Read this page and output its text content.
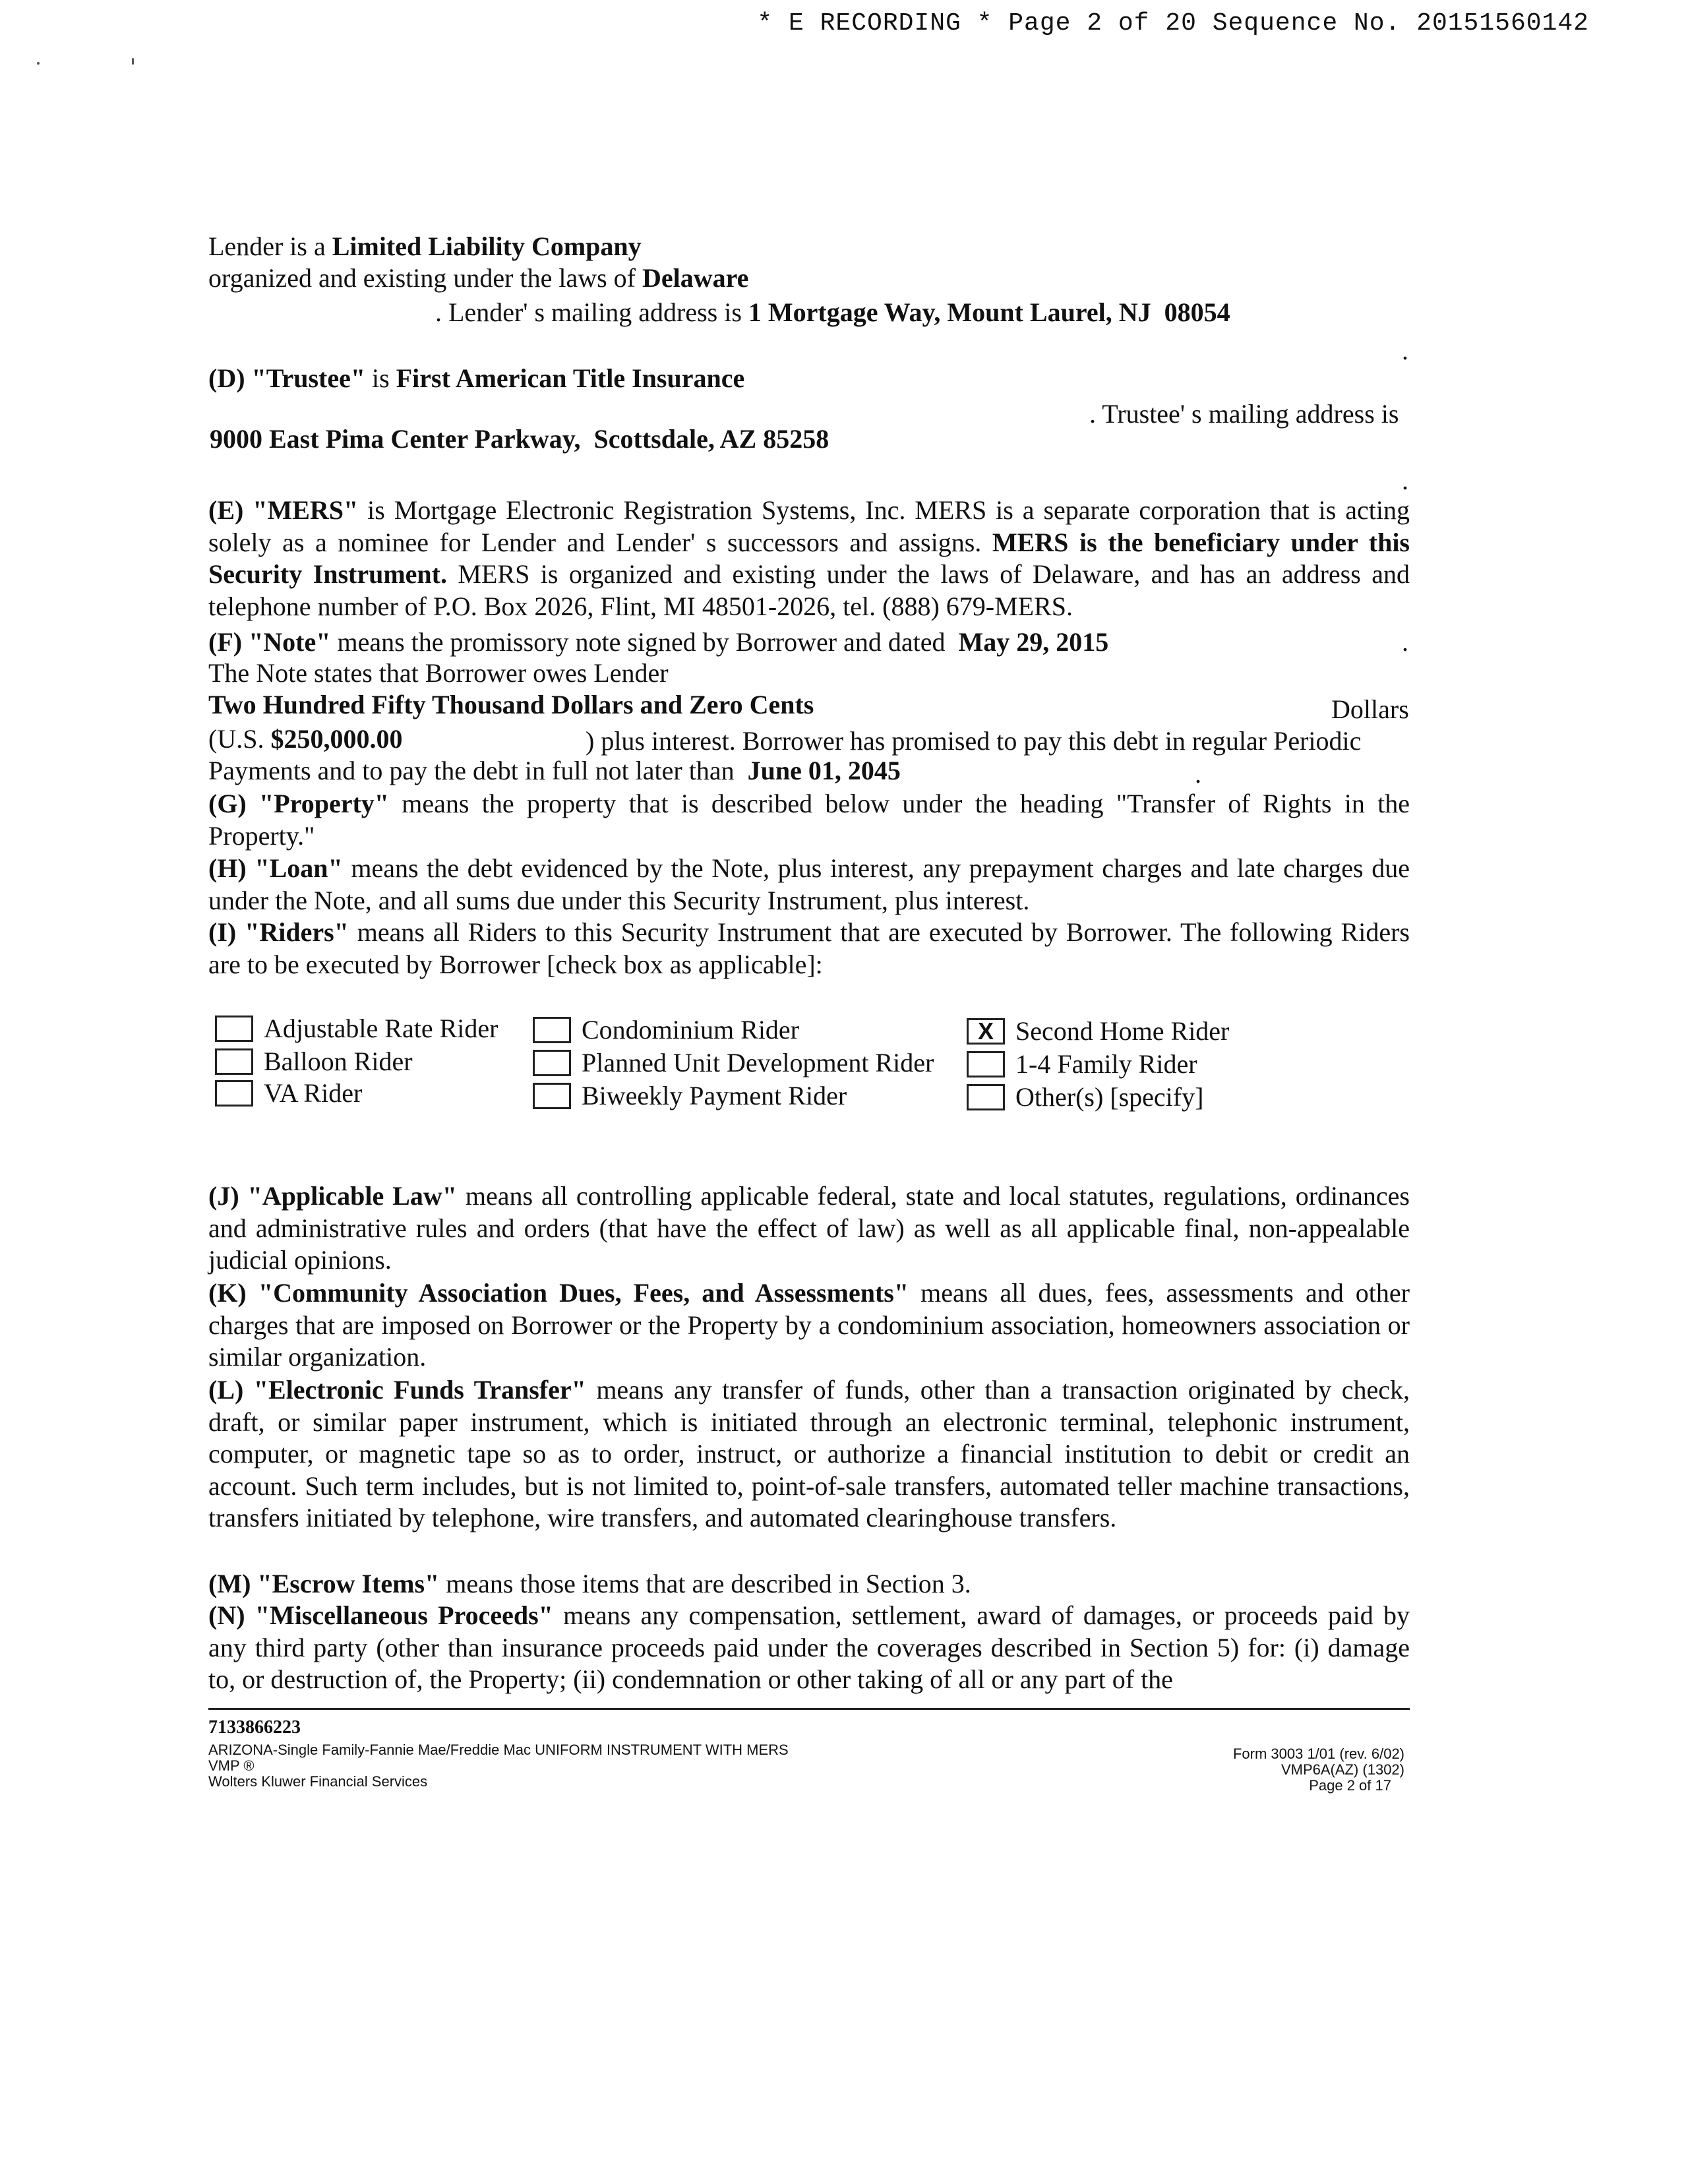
* E RECORDING * Page 2 of 20 Sequence No. 20151560142
Lender is a Limited Liability Company
organized and existing under the laws of Delaware
. Lender' s mailing address is 1 Mortgage Way, Mount Laurel, NJ  08054
.
(D) "Trustee" is First American Title Insurance
. Trustee' s mailing address is
9000 East Pima Center Parkway,  Scottsdale, AZ 85258
.
(E) "MERS" is Mortgage Electronic Registration Systems, Inc. MERS is a separate corporation that is acting solely as a nominee for Lender and Lender' s successors and assigns. MERS is the beneficiary under this Security Instrument. MERS is organized and existing under the laws of Delaware, and has an address and telephone number of P.O. Box 2026, Flint, MI 48501-2026, tel. (888) 679-MERS.
(F) "Note" means the promissory note signed by Borrower and dated  May 29, 2015	.
The Note states that Borrower owes Lender
Two Hundred Fifty Thousand Dollars and Zero Cents	Dollars
(U.S. $250,000.00	) plus interest. Borrower has promised to pay this debt in regular Periodic
Payments and to pay the debt in full not later than  June 01, 2045	.
(G) "Property" means the property that is described below under the heading "Transfer of Rights in the Property."
(H) "Loan" means the debt evidenced by the Note, plus interest, any prepayment charges and late charges due under the Note, and all sums due under this Security Instrument, plus interest.
(I) "Riders" means all Riders to this Security Instrument that are executed by Borrower. The following Riders are to be executed by Borrower [check box as applicable]:
Adjustable Rate Rider
Balloon Rider
VA Rider
Condominium Rider
Planned Unit Development Rider
Biweekly Payment Rider
X Second Home Rider
1-4 Family Rider
Other(s) [specify]
(J) "Applicable Law" means all controlling applicable federal, state and local statutes, regulations, ordinances and administrative rules and orders (that have the effect of law) as well as all applicable final, non-appealable judicial opinions.
(K) "Community Association Dues, Fees, and Assessments" means all dues, fees, assessments and other charges that are imposed on Borrower or the Property by a condominium association, homeowners association or similar organization.
(L) "Electronic Funds Transfer" means any transfer of funds, other than a transaction originated by check, draft, or similar paper instrument, which is initiated through an electronic terminal, telephonic instrument, computer, or magnetic tape so as to order, instruct, or authorize a financial institution to debit or credit an account. Such term includes, but is not limited to, point-of-sale transfers, automated teller machine transactions, transfers initiated by telephone, wire transfers, and automated clearinghouse transfers.
(M) "Escrow Items" means those items that are described in Section 3.
(N) "Miscellaneous Proceeds" means any compensation, settlement, award of damages, or proceeds paid by any third party (other than insurance proceeds paid under the coverages described in Section 5) for: (i) damage to, or destruction of, the Property; (ii) condemnation or other taking of all or any part of the
7133866223
ARIZONA-Single Family-Fannie Mae/Freddie Mac UNIFORM INSTRUMENT WITH MERS
VMP ®
Wolters Kluwer Financial Services
Form 3003 1/01 (rev. 6/02)
VMP6A(AZ) (1302)
Page 2 of 17
